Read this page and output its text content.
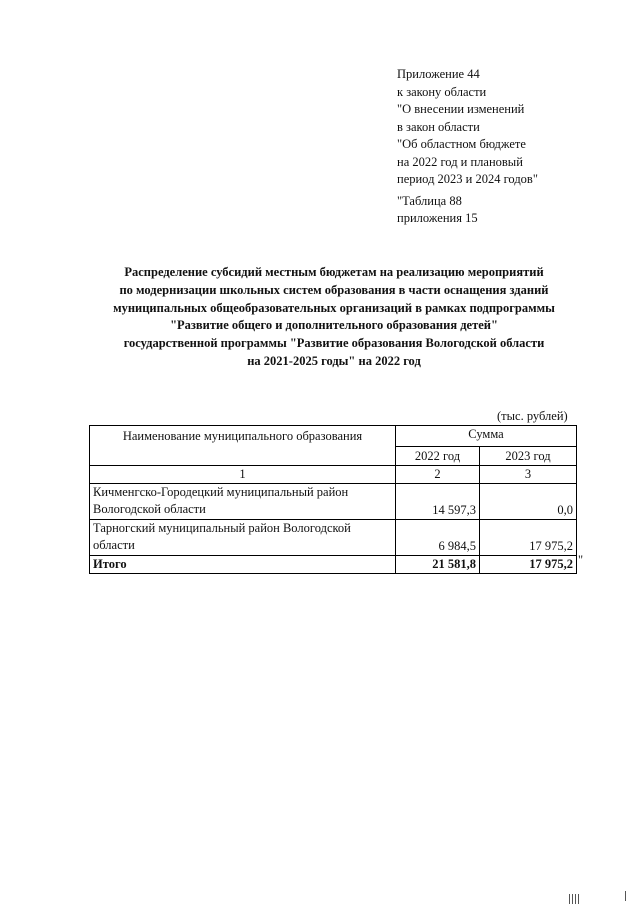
Приложение 44
к закону области
"О внесении изменений
в закон области
"Об областном бюджете
на 2022 год и плановый
период 2023 и 2024 годов"
"Таблица 88
приложения 15
Распределение субсидий местным бюджетам на реализацию мероприятий
по модернизации школьных систем образования в части оснащения зданий
муниципальных общеобразовательных организаций в рамках подпрограммы
"Развитие общего и дополнительного образования детей"
государственной программы "Развитие образования Вологодской области
на 2021-2025 годы" на 2022 год
(тыс. рублей)
Наименование муниципального образования	Сумма	
	2022 год	2023 год
1	2	3

Кичменгско-Городецкий муниципальный район
Вологодской области	14 597,3	0,0

Тарногский муниципальный район Вологодской
области	6 984,5	17 975,2
Итого	21 581,8	17 975,2 "
